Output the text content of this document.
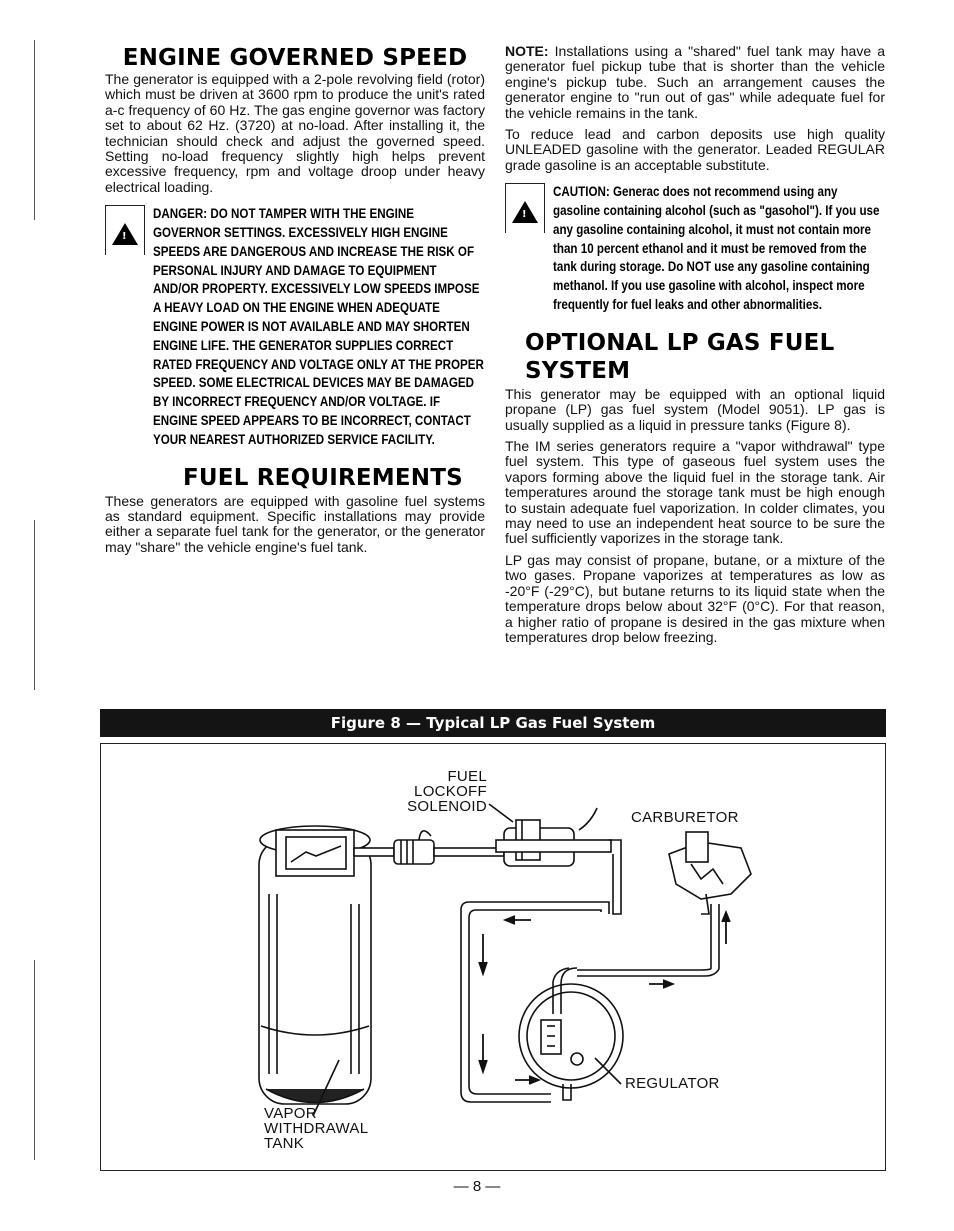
ENGINE GOVERNED SPEED

The generator is equipped with a 2-pole revolving field (rotor) which must be driven at 3600 rpm to produce the unit's rated a-c frequency of 60 Hz. The gas engine governor was factory set to about 62 Hz. (3720) at no-load. After installing it, the technician should check and adjust the governed speed. Setting no-load frequency slightly high helps prevent excessive frequency, rpm and voltage droop under heavy electrical loading.

!
DANGER: DO NOT TAMPER WITH THE ENGINE GOVERNOR SETTINGS. EXCESSIVELY HIGH ENGINE SPEEDS ARE DANGEROUS AND INCREASE THE RISK OF PERSONAL INJURY AND DAMAGE TO EQUIPMENT AND/OR PROPERTY. EXCESSIVELY LOW SPEEDS IMPOSE A HEAVY LOAD ON THE ENGINE WHEN ADEQUATE ENGINE POWER IS NOT AVAILABLE AND MAY SHORTEN ENGINE LIFE. THE GENERATOR SUPPLIES CORRECT RATED FREQUENCY AND VOLTAGE ONLY AT THE PROPER SPEED. SOME ELECTRICAL DEVICES MAY BE DAMAGED BY INCORRECT FREQUENCY AND/OR VOLTAGE. IF ENGINE SPEED APPEARS TO BE INCORRECT, CONTACT YOUR NEAREST AUTHORIZED SERVICE FACILITY.
FUEL REQUIREMENTS

These generators are equipped with gasoline fuel systems as standard equipment. Specific installations may provide either a separate fuel tank for the generator, or the generator may "share" the vehicle engine's fuel tank.

NOTE: Installations using a "shared" fuel tank may have a generator fuel pickup tube that is shorter than the vehicle engine's pickup tube. Such an arrangement causes the generator engine to "run out of gas" while adequate fuel for the vehicle remains in the tank.

To reduce lead and carbon deposits use high quality UNLEADED gasoline with the generator. Leaded REGULAR grade gasoline is an acceptable substitute.

!
CAUTION: Generac does not recommend using any gasoline containing alcohol (such as "gasohol"). If you use any gasoline containing alcohol, it must not contain more than 10 percent ethanol and it must be removed from the tank during storage. Do NOT use any gasoline containing methanol. If you use gasoline with alcohol, inspect more frequently for fuel leaks and other abnormalities.
OPTIONAL LP GAS FUEL SYSTEM

This generator may be equipped with an optional liquid propane (LP) gas fuel system (Model 9051). LP gas is usually supplied as a liquid in pressure tanks (Figure 8).

The IM series generators require a "vapor withdrawal" type fuel system. This type of gaseous fuel system uses the vapors forming above the liquid fuel in the storage tank. Air temperatures around the storage tank must be high enough to sustain adequate fuel vaporization. In colder climates, you may need to use an independent heat source to be sure the fuel sufficiently vaporizes in the storage tank.

LP gas may consist of propane, butane, or a mixture of the two gases. Propane vaporizes at temperatures as low as -20°F (-29°C), but butane returns to its liquid state when the temperature drops below about 32°F (0°C). For that reason, a higher ratio of propane is desired in the gas mixture when temperatures drop below freezing.

Figure 8 — Typical LP Gas Fuel System
FUEL
LOCKOFF
SOLENOID
CARBURETOR
REGULATOR
VAPOR
WITHDRAWAL
TANK
— 8 —
